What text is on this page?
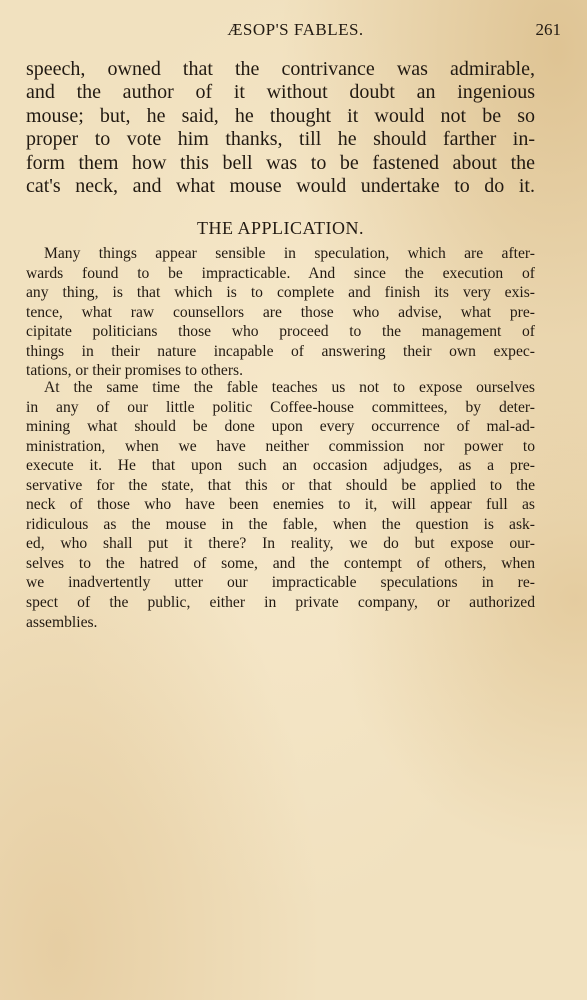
ÆSOP'S FABLES.	261
speech, owned that the contrivance was admirable,
and the author of it without doubt an ingenious
mouse; but, he said, he thought it would not be so
proper to vote him thanks, till he should farther in-
form them how this bell was to be fastened about the
cat's neck, and what mouse would undertake to do it.
THE APPLICATION.
Many things appear sensible in speculation, which are after-
wards found to be impracticable. And since the execution of
any thing, is that which is to complete and finish its very exis-
tence, what raw counsellors are those who advise, what pre-
cipitate politicians those who proceed to the management of
things in their nature incapable of answering their own expec-
tations, or their promises to others.
At the same time the fable teaches us not to expose ourselves
in any of our little politic Coffee-house committees, by deter-
mining what should be done upon every occurrence of mal-ad-
ministration, when we have neither commission nor power to
execute it. He that upon such an occasion adjudges, as a pre-
servative for the state, that this or that should be applied to the
neck of those who have been enemies to it, will appear full as
ridiculous as the mouse in the fable, when the question is ask-
ed, who shall put it there? In reality, we do but expose our-
selves to the hatred of some, and the contempt of others, when
we inadvertently utter our impracticable speculations in re-
spect of the public, either in private company, or authorized
assemblies.
